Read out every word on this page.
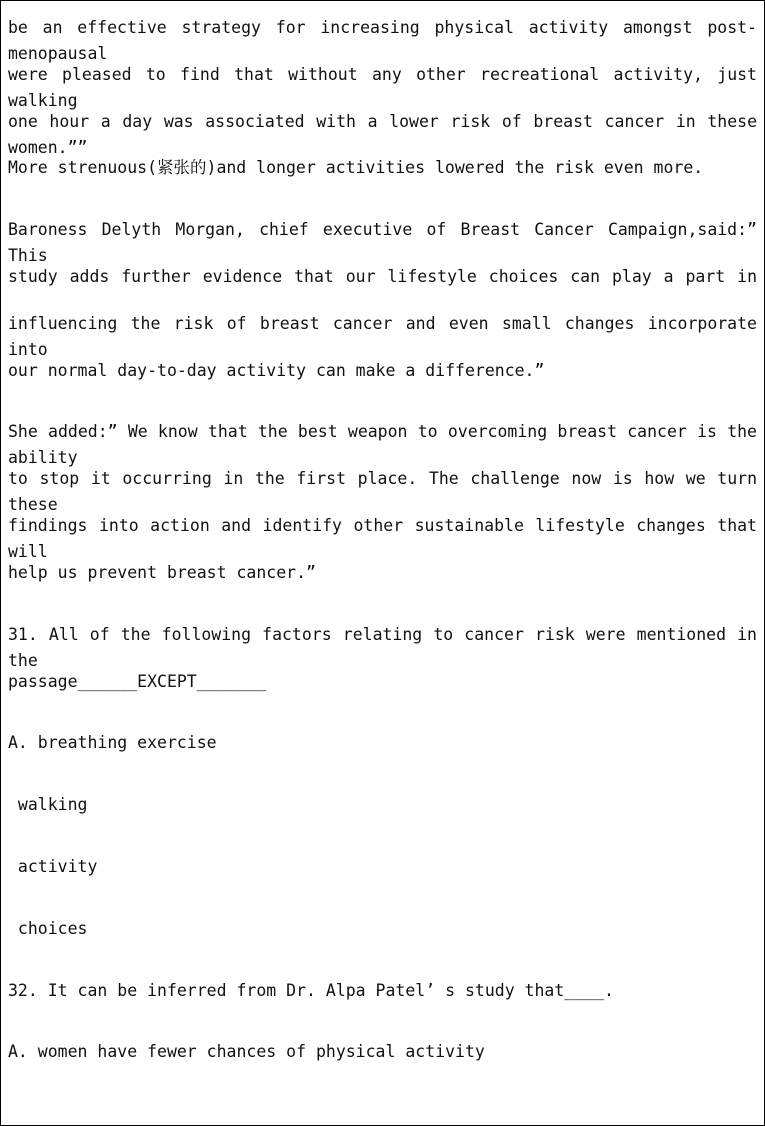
be an effective strategy for increasing physical activity amongst post-menopausal
were pleased to find that without any other recreational activity, just walking
one hour a day was associated with a lower risk of breast cancer in these women.””
More strenuous(紧张的)and longer activities lowered the risk even more.
Baroness Delyth Morgan, chief executive of Breast Cancer Campaign,said:” This
study adds further evidence that our lifestyle choices can play a part in
influencing the risk of breast cancer and even small changes incorporate into
our normal day-to-day activity can make a difference.”
She added:” We know that the best weapon to overcoming breast cancer is the ability
to stop it occurring in the first place. The challenge now is how we turn these
findings into action and identify other sustainable lifestyle changes that will
help us prevent breast cancer.”
31. All of the following factors relating to cancer risk were mentioned in the
passage______EXCEPT_______
A. breathing exercise
walking
activity
choices
32. It can be inferred from Dr. Alpa Patel’ s study that____.
A. women have fewer chances of physical activity
